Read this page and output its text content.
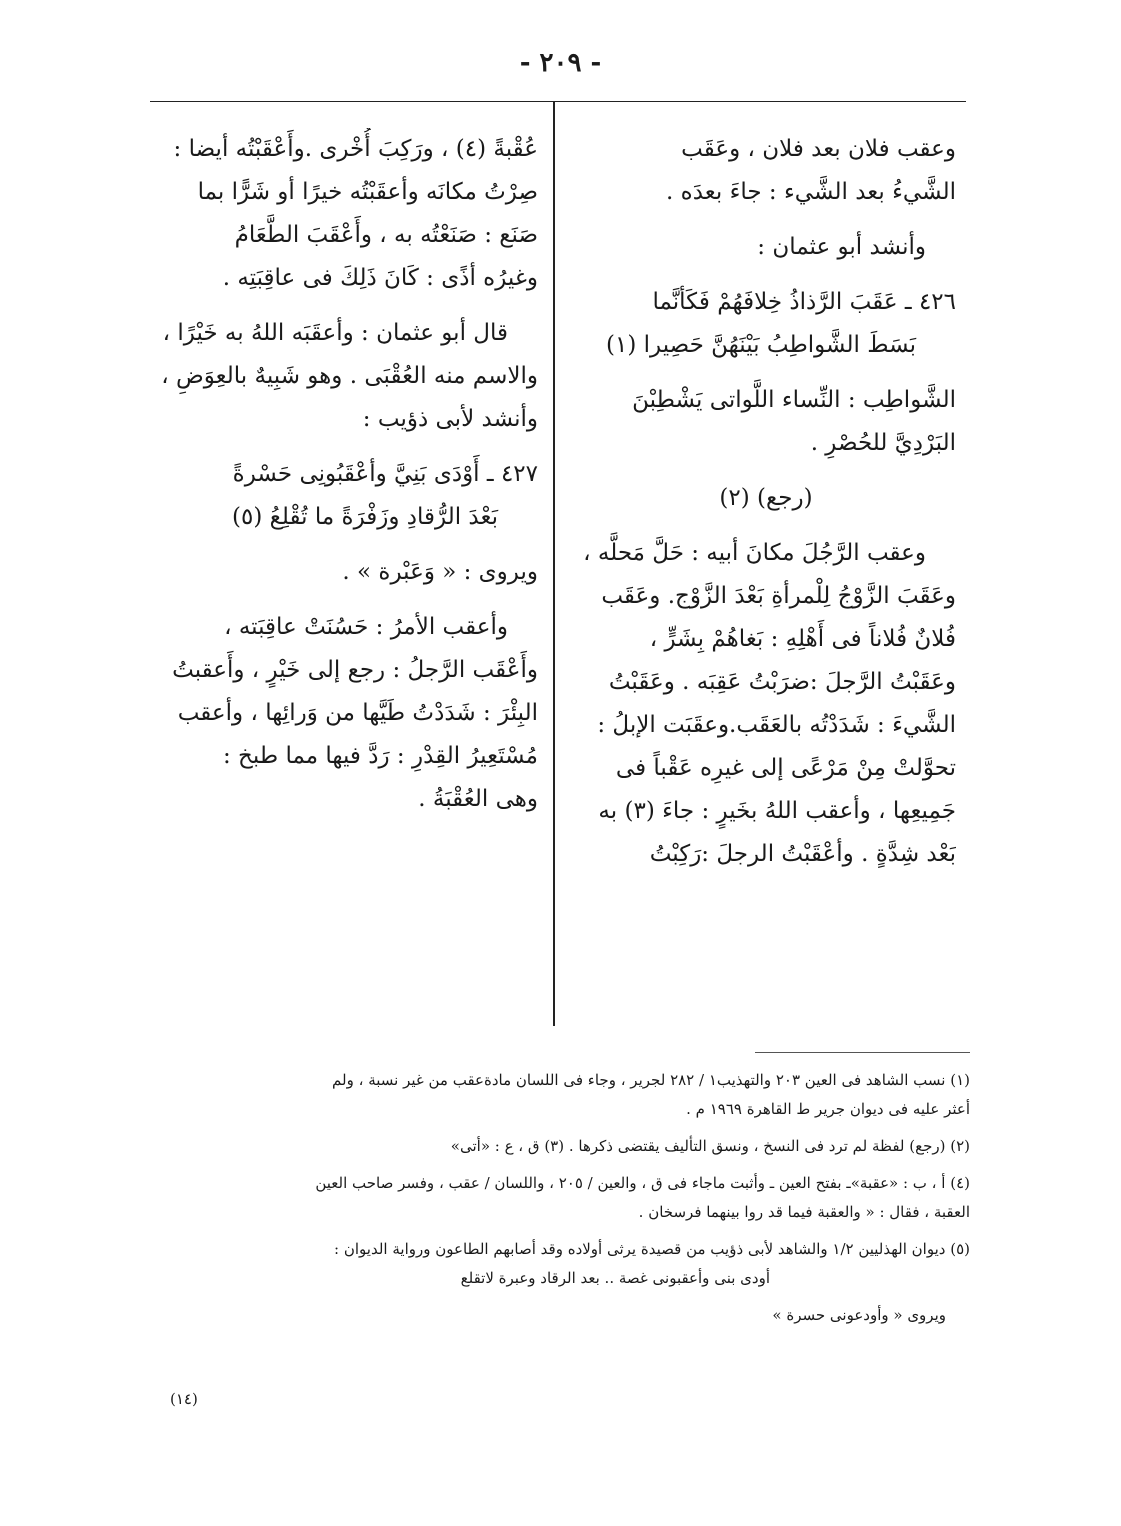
- ٢٠٩ -
وعقب فلان بعد فلان ، وعَقَب
الشَّيءُ بعد الشَّيء : جاءَ بعدَه .
وأنشد أبو عثمان :
٤٢٦ ـ عَقَبَ الرَّذاذُ خِلافَهُمْ فَكَأنَّما
بَسَطَ الشَّواطِبُ بَيْنَهُنَّ حَصِيرا (١)
الشَّواطِب : النِّساء اللَّواتى يَشْطِبْنَ
البَرْدِيَّ للحُصْرِ .
(رجع) (٢)
وعقب الرَّجُلَ مكانَ أبيه : حَلَّ مَحلَّه ،
وعَقَبَ الزَّوْجُ لِلْمرأةِ بَعْدَ الزَّوْج. وعَقَب
فُلانٌ فُلاناً فى أَهْلِهِ : بَغاهُمْ بِشَرٍّ ،
وعَقَبْتُ الرَّجلَ :ضرَبْتُ عَقِبَه . وعَقَبْتُ
الشَّيءَ : شَدَدْتُه بالعَقَب.وعقَبَت الإبلُ :
تحوَّلتْ مِنْ مَرْعًى إلى غيرِه عَقْباً فى
جَمِيعِها ، وأعقب اللهُ بخَيرٍ : جاءَ (٣) به
بَعْد شِدَّةٍ . وأعْقَبْتُ الرجلَ :رَكِبْتُ
عُقْبةً (٤) ، ورَكِبَ أُخْرى .وأَعْقَبْتُه أيضا :
صِرْتُ مكانَه وأعقَبْتُه خيرًا أو شَرًّا بما
صَنَع : صَنَعْتُه به ، وأَعْقَبَ الطَّعَامُ
وغيرُه أذًى : كَانَ ذَلِكَ فى عاقِبَتِه .
قال أبو عثمان : وأعقَبَه اللهُ به خَيْرًا ،
والاسم منه العُقْبَى . وهو شَبِيهٌ بالعِوَضِ ،
وأنشد لأبى ذؤيب :
٤٢٧ ـ أَوْدَى بَنِيَّ وأعْقَبُونِى حَسْرةً
بَعْدَ الرُّقادِ وزَفْرَةً ما تُقْلِعُ (٥)
ويروى : « وَعَبْرة » .
وأعقب الأمرُ : حَسُنَتْ عاقِبَته ،
وأَعْقَب الرَّجلُ : رجع إلى خَيْرٍ ، وأَعقبتُ
البِئْرَ : شَدَدْتُ طَيَّها من وَرائِها ، وأعقب
مُسْتَعِيرُ القِدْرِ : رَدَّ فيها مما طبخ :
وهى العُقْبَةُ .
(١) نسب الشاهد فى العين ٢٠٣ والتهذيب١ / ٢٨٢ لجرير ، وجاء فى اللسان مادةعقب من غير نسبة ، ولم
أعثر عليه فى ديوان جرير ط القاهرة ١٩٦٩ م .
(٢) (رجع) لفظة لم ترد فى النسخ ، ونسق التأليف يقتضى ذكرها . (٣) ق ، ع : «أتى»
(٤) أ ، ب : «عقبة»ـ بفتح العين ـ وأثبت ماجاء فى ق ، والعين / ٢٠٥ ، واللسان / عقب ، وفسر صاحب العين
العقبة ، فقال : « والعقبة فيما قد روا بينهما فرسخان .
(٥) ديوان الهذليين ١/٢ والشاهد لأبى ذؤيب من قصيدة يرثى أولاده وقد أصابهم الطاعون ورواية الديوان :
أودى بنى وأعقبونى غصة .. بعد الرقاد وعبرة لاتقلع
ويروى « وأودعونى حسرة »
(١٤)
